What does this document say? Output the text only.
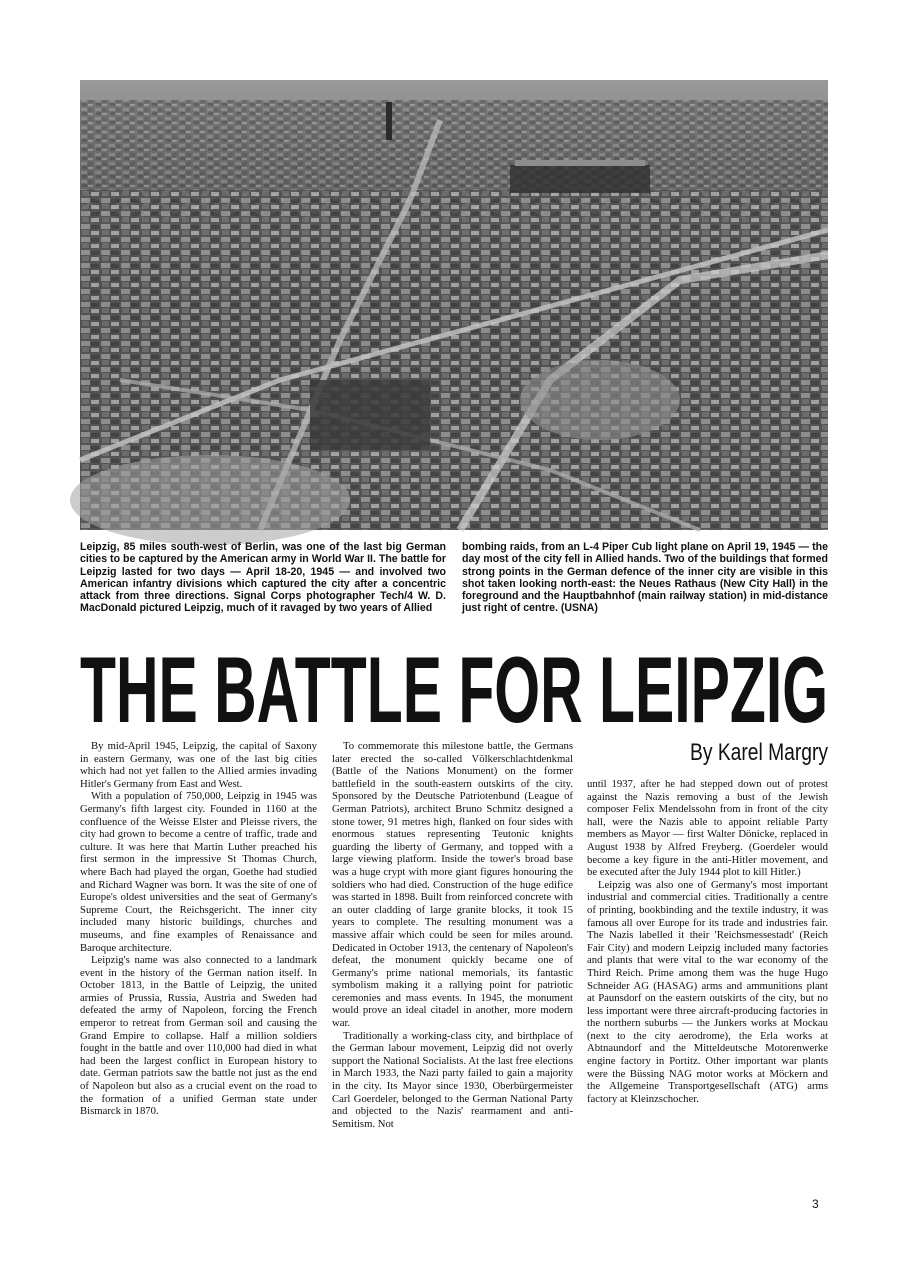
Leipzig, 85 miles south-west of Berlin, was one of the last big German cities to be captured by the American army in World War II. The battle for Leipzig lasted for two days — April 18-20, 1945 — and involved two American infantry divisions which captured the city after a concentric attack from three directions. Signal Corps photographer Tech/4 W. D. MacDonald pictured Leipzig, much of it ravaged by two years of Allied
bombing raids, from an L-4 Piper Cub light plane on April 19, 1945 — the day most of the city fell in Allied hands. Two of the buildings that formed strong points in the German defence of the inner city are visible in this shot taken looking north-east: the Neues Rathaus (New City Hall) in the foreground and the Hauptbahnhof (main railway station) in mid-distance just right of centre. (USNA)
THE BATTLE FOR LEIPZIG
By Karel Margry

By mid-April 1945, Leipzig, the capital of Saxony in eastern Germany, was one of the last big cities which had not yet fallen to the Allied armies invading Hitler's Germany from East and West.

With a population of 750,000, Leipzig in 1945 was Germany's fifth largest city. Founded in 1160 at the confluence of the Weisse Elster and Pleisse rivers, the city had grown to become a centre of traffic, trade and culture. It was here that Martin Luther preached his first sermon in the impressive St Thomas Church, where Bach had played the organ, Goethe had studied and Richard Wagner was born. It was the site of one of Europe's oldest universities and the seat of Germany's Supreme Court, the Reichsgericht. The inner city included many historic buildings, churches and museums, and fine examples of Renaissance and Baroque architecture.

Leipzig's name was also connected to a landmark event in the history of the German nation itself. In October 1813, in the Battle of Leipzig, the united armies of Prussia, Russia, Austria and Sweden had defeated the army of Napoleon, forcing the French emperor to retreat from German soil and causing the Grand Empire to collapse. Half a million soldiers fought in the battle and over 110,000 had died in what had been the largest conflict in European history to date. German patriots saw the battle not just as the end of Napoleon but also as a crucial event on the road to the formation of a unified German state under Bismarck in 1870.

To commemorate this milestone battle, the Germans later erected the so-called Völkerschlachtdenkmal (Battle of the Nations Monument) on the former battlefield in the south-eastern outskirts of the city. Sponsored by the Deutsche Patriotenbund (League of German Patriots), architect Bruno Schmitz designed a stone tower, 91 metres high, flanked on four sides with enormous statues representing Teutonic knights guarding the liberty of Germany, and topped with a large viewing platform. Inside the tower's broad base was a huge crypt with more giant figures honouring the soldiers who had died. Construction of the huge edifice was started in 1898. Built from reinforced concrete with an outer cladding of large granite blocks, it took 15 years to complete. The resulting monument was a massive affair which could be seen for miles around. Dedicated in October 1913, the centenary of Napoleon's defeat, the monument quickly became one of Germany's prime national memorials, its fantastic symbolism making it a rallying point for patriotic ceremonies and mass events. In 1945, the monument would prove an ideal citadel in another, more modern war.

Traditionally a working-class city, and birthplace of the German labour movement, Leipzig did not overly support the National Socialists. At the last free elections in March 1933, the Nazi party failed to gain a majority in the city. Its Mayor since 1930, Oberbürgermeister Carl Goerdeler, belonged to the German National Party and objected to the Nazis' rearmament and anti-Semitism. Not

until 1937, after he had stepped down out of protest against the Nazis removing a bust of the Jewish composer Felix Mendelssohn from in front of the city hall, were the Nazis able to appoint reliable Party members as Mayor — first Walter Dönicke, replaced in August 1938 by Alfred Freyberg. (Goerdeler would become a key figure in the anti-Hitler movement, and be executed after the July 1944 plot to kill Hitler.)

Leipzig was also one of Germany's most important industrial and commercial cities. Traditionally a centre of printing, bookbinding and the textile industry, it was famous all over Europe for its trade and industries fair. The Nazis labelled it their 'Reichsmessestadt' (Reich Fair City) and modern Leipzig included many factories and plants that were vital to the war economy of the Third Reich. Prime among them was the huge Hugo Schneider AG (HASAG) arms and ammunitions plant at Paunsdorf on the eastern outskirts of the city, but no less important were three aircraft-producing factories in the northern suburbs — the Junkers works at Mockau (next to the city aerodrome), the Erla works at Abtnaundorf and the Mitteldeutsche Motorenwerke engine factory in Portitz. Other important war plants were the Büssing NAG motor works at Möckern and the Allgemeine Transportgesellschaft (ATG) arms factory at Kleinzschocher.

3
